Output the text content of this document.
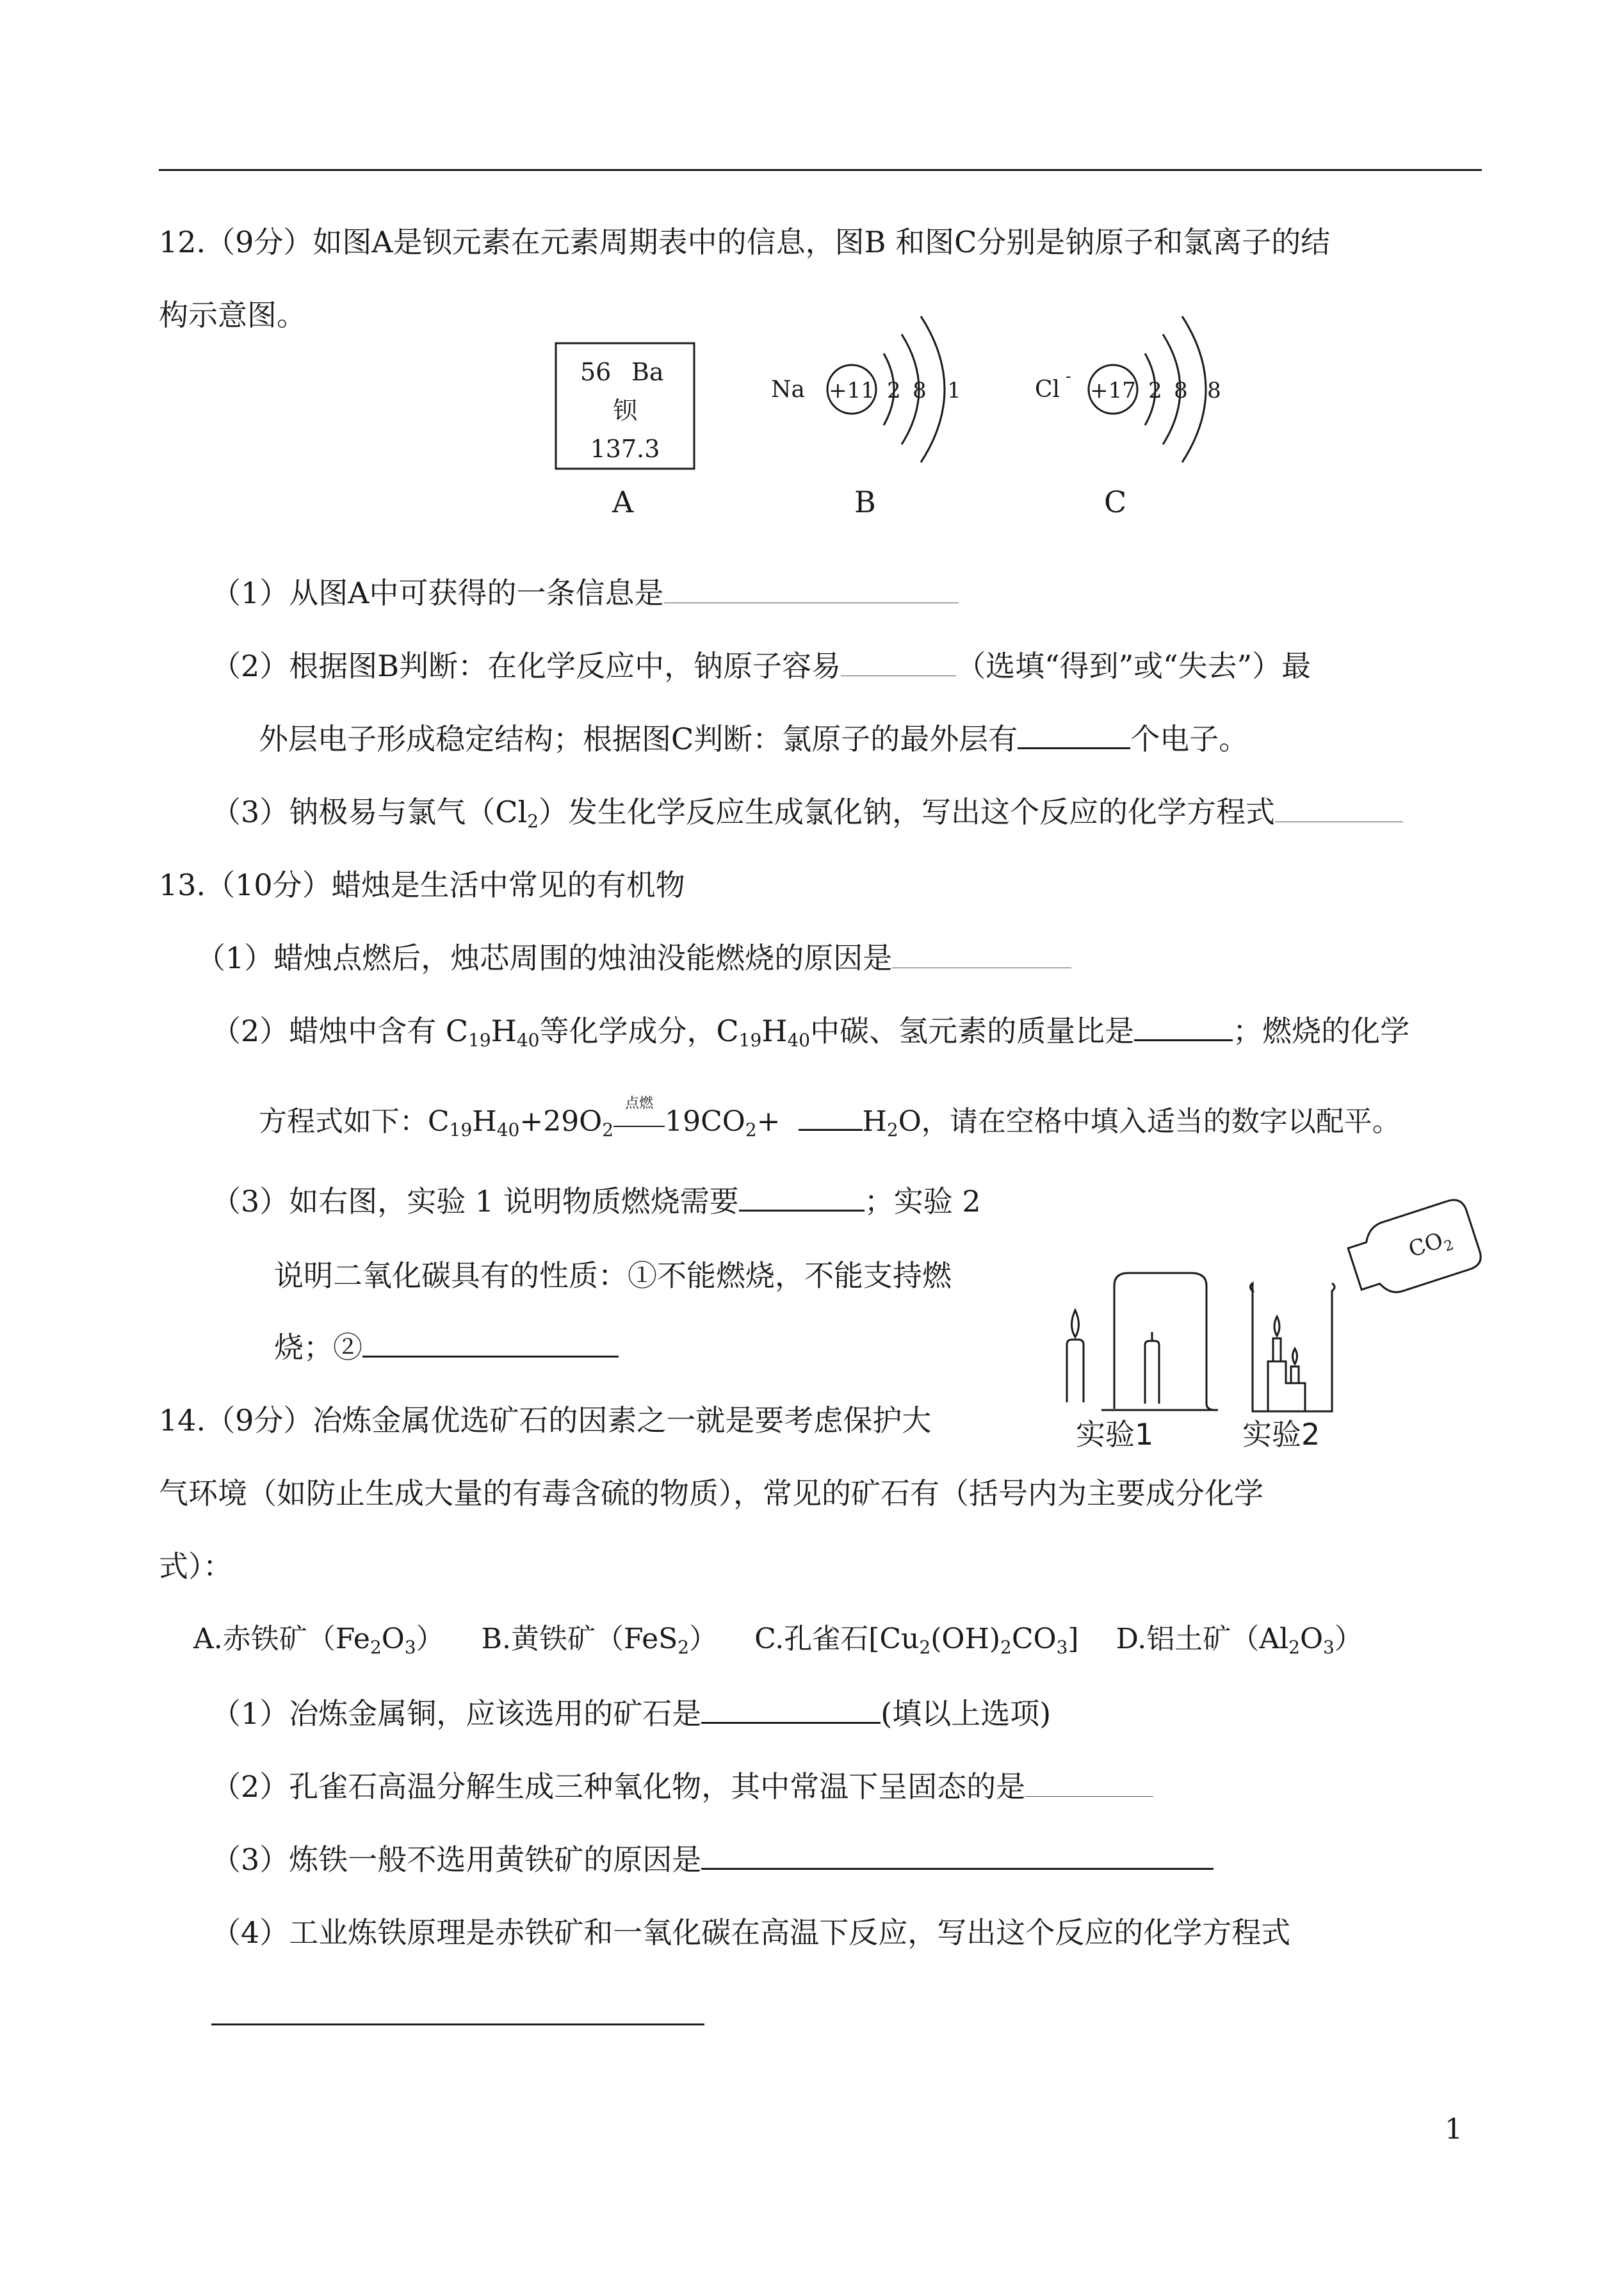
12.（9分）如图A是钡元素在元素周期表中的信息，图B 和图C分别是钠原子和氯离子的结
构示意图。
56 Ba
钡
137.3
A
Na +11 2 8 1
B
Cl -
+17 2 8 8
C
（1）从图A中可获得的一条信息是
（2）根据图B判断：在化学反应中，钠原子容易	（选填“得到”或“失去”）最
外层电子形成稳定结构；根据图C判断：氯原子的最外层有	个电子。
（3）钠极易与氯气$(Cl_2)$发生化学反应生成氯化钠，写出这个反应的化学方程式
13.（10分）蜡烛是生活中常见的有机物
（1）蜡烛点燃后，烛芯周围的烛油没能燃烧的原因是
（2）蜡烛中含有 $C_{19}H_{40}$等化学成分，$C_{19}H_{40}$中碳、氢元素的质量比是	；燃烧的化学
方程式如下：$C_{19}H_{40}+29O_2$
点燃
$19CO_2+$	$H_2O$，请在空格中填入适当的数字以配平。
（3）如右图，实验 1 说明物质燃烧需要	；实验 2
说明二氧化碳具有的性质：①不能燃烧，不能支持燃
烧；②
$CO_2$
实验1	实验2
14.（9分）冶炼金属优选矿石的因素之一就是要考虑保护大
气环境（如防止生成大量的有毒含硫的物质），常见的矿石有（括号内为主要成分化学
式）：
A.赤铁矿$(Fe_2O_3)$ B.黄铁矿（FeS$_2$） C.孔雀石$[Cu_2(OH)_2CO_3]$ D.铝土矿$(Al_2O_3)$
（1）冶炼金属铜，应该选用的矿石是	(填以上选项)
（2）孔雀石高温分解生成三种氧化物，其中常温下呈固态的是
（3）炼铁一般不选用黄铁矿的原因是
（4）工业炼铁原理是赤铁矿和一氧化碳在高温下反应，写出这个反应的化学方程式
1
